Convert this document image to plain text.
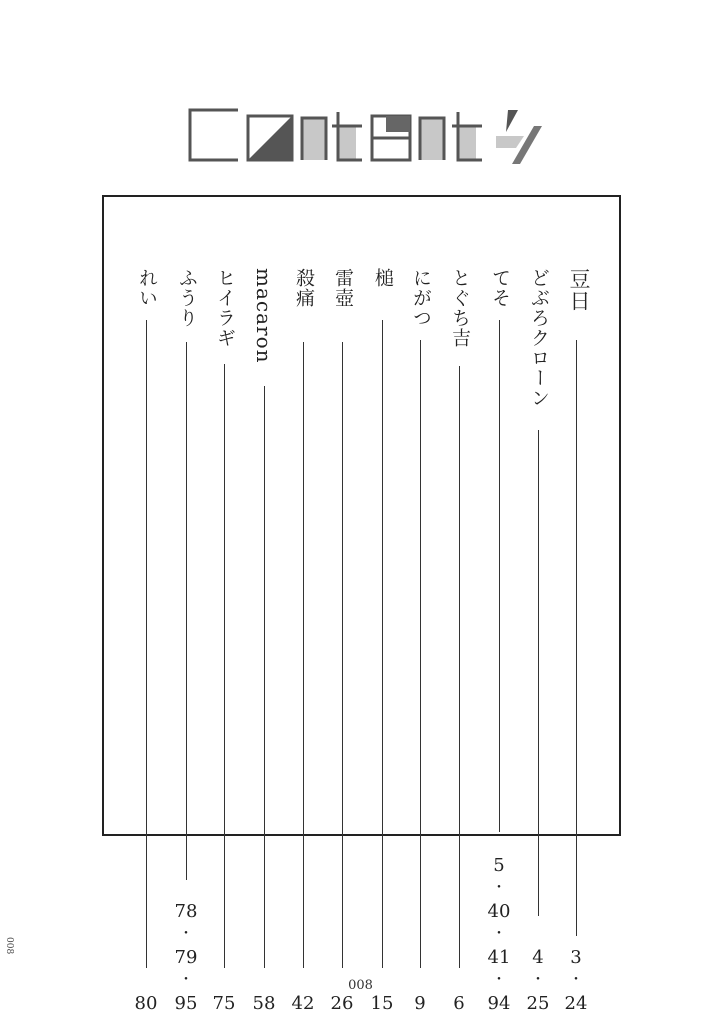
豆日
3
・
24
どぶろクローン
4
・
25
てそ
5
・
40
・
41
・
94
とぐち吉
6
にがつ
9
槌
15
雷壺
26
殺痛
42
macaron
58
ヒイラギ
75
ふうり
78
・
79
・
95
れい
80
008
008
